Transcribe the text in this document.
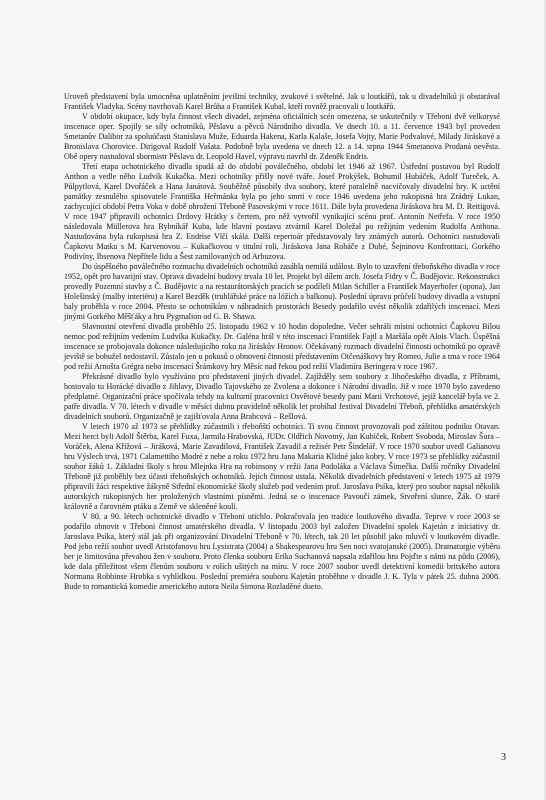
Uroveň představení byla umocněna uplatněním jevištní techniky, zvukové i světelné. Jak u loutkářů, tak u divadelníků ji obstarával František Vladyka. Scény navrhovali Karel Brůha a František Kubal, kteří rovněž pracovali u loutkářů.

V období okupace, kdy byla činnost všech divadel, zejména oficiálních scén omezena, se uskutečnily v Třeboni dvě velkorysé inscenace oper. Spojily se síly ochotníků, Pěslavu a pěvců Národního divadla. Ve dnech 10. a 11. července 1943 byl proveden Smetanův Dalibor za spoluúčasti Stanislava Muže, Eduarda Hakena, Karla Kalaše, Josefa Vojty, Marie Podvalové, Milady Jiráskové a Bronislava Chorovice. Dirigoval Rudolf Vašata. Podobně byla uvedena ve dnech 12. a 14. srpna 1944 Smetanova Prodaná nevěsta. Obě opery nastudoval sbormistr Pěslavu dr. Leopold Havel, výpravu navrhl dr. Zdeněk Endris.

Třetí etapa ochotnického divadla spadá až do období poválečného, období let 1946 až 1967. Ústřední postavou byl Rudolf Anthon a vedle něho Ludvík Kukačka. Mezi ochotníky přišly nové tváře. Josef Prokýšek, Bohumil Hubáček, Adolf Tureček, A. Půlpytlová, Karel Dvořáček a Hana Janátová. Souběžně působily dva soubory, které paralelně nacvičovaly divadelní hry. K uctění památky zesnulého spisovatele Františka Heřmánka byla po jeho smrti v roce 1946 uvedena jeho rukopisná hra Zrádný Lukan, zachycující období Petra Voka v době ohrožení Třeboně Pasovskými v roce 1611. Dále byla provedena Jiráskova hra M. D. Rettigová. V roce 1947 připravili ochotníci Drdovy Hrátky s čertem, pro něž vytvořil vynikající scénu prof. Antonín Netřefa. V roce 1950 následovala Müllerova hra Rybníkář Kuba, kde hlavní postavu ztvárnil Karel Doležal po režijním vedením Rudolfa Anthona. Nastudována byla rukopisná hra Z. Endrise Vlčí skála. Další repertoár představovaly hry známých autorů. Ochotníci nastudovali Čapkovu Matku s M. Karvenovou – Kukačkovou v titulní roli, Jiráskova Jana Roháče z Dubé, Šejninovu Konfrontaci, Gorkého Podivíny, Ibsenova Nepřítele lidu a Šest zamilovaných od Arbuzova.

Do úspěšného poválečného rozmachu divadelních ochotníků zasáhla nemilá událost. Bylo to uzavření třeboňského divadla v roce 1952, opět pro havarijní stav. Oprava divadelní budovy trvala 10 let. Projekt byl dílem arch. Josefa Fidry v Č. Budějovic. Rekonstrukci provedly Pozemní stavby z Č. Budějovic a na restaurátorských pracích se podíleli Milan Schiller a František Mayerhofer (opona), Jan Holešinský (malby interiéru) a Karel Bezděk (truhlářské práce na lóžích a balkonu). Poslední úpravu průčelí budovy divadla a vstupní haly proběhla v roce 2004. Přesto se ochotníkům v náhradních prostorách Besedy podařilo uvést několik zdařilých inscenací. Mezi jinými Gorkého Měšťáky a hru Pygmalion od G. B. Shawa.

Slavnostní otevření divadla proběhlo 25. listopadu 1962 v 10 hodin dopoledne. Večer sehráli místní ochotníci Čapkovu Bílou nemoc pod režijním vedením Ludvíka Kukačky. Dr. Galéna hrál v této inscenaci František Fajtl a Maršála opět Alois Vlach. Úspěšná inscenace se probojovala dokonce následujícího roku na Jiráskův Hronov. Očekávaný rozmach divadelní činnosti ochotníků po opravě jeviště se bohužel nedostavil. Zůstalo jen u pokusů o obnovení činnosti představením Otčenáškovy hry Romeo, Julie a tma v roce 1964 pod režií Arnošta Grégra nebo inscenací Šrámkovy hry Měsíc nad řekou pod režií Vladimíra Beringera v roce 1967.

Překrásné divadlo bylo využíváno pro představení jiných divadel. Zajížděly sem soubory z Jihočeského divadla, z Příbrami, hostovalo tu Horácké divadlo z Jihlavy, Divadlo Tajovského ze Zvolena a dokonce i Národní divadlo. Již v roce 1970 bylo zavedeno předplatné. Organizační práce spočívala tehdy na kulturní pracovnici Osvětové besedy paní Marii Vrchotové, jejíž kancelář byla ve 2. patře divadla. V 70. létech v divadle v měsíci dubnu pravidelně několik let probíhal festival Divadelní Třeboň, přehlídka amatérských divadelních souborů. Organizačně je zajišťovala Anna Brabcová – Rešlová.

V letech 1970 až 1973 se přehlídky zúčastnili i třeboňští ochotníci. Ti svou činnost provozovali pod záštitou podniku Otavan. Mezi herci byli Adolf Štěrba, Karel Fuxa, Jarmila Hrabovská, JUDr. Oldřich Novotný, Jan Kubíček, Robert Svoboda, Miroslav Šura – Voráček, Alena Křížová – Jiráková, Marie Zavadilová, František Zavadil a režisér Petr Šindelář. V roce 1970 soubor uvedl Galianovu hru Výslech trvá, 1971 Calamettiho Modré z nebe a roku 1972 hru Jana Makaria Klidné jako kobry. V roce 1973 se přehlídky zúčastnil soubor žáků 1. Základní školy s hrou Mlejnka Hra na robinsony v režii Jana Podoláka a Václava Šimečka. Další ročníky Divadelní Třeboně již proběhly bez účasti třeboňských ochotníků. Jejich činnost ustala. Několik divadelních představení v letech 1975 až 1979 připravili žáci respektive žákyně Střední ekonomické školy služeb pod vedením prof. Jaroslava Psíka, který pro soubor napsal několik autorských rukopisných her proložených vlastními písněmi. Jedná se o inscenace Pavoučí zámek, Stvoření slunce, Žák. O staré královně a čarovném ptáku a Země ve skleněné kouli.

V 80. a 90. létech ochotnické divadlo v Třeboni utichlo. Pokračovala jen tradice loutkového divadla. Teprve v roce 2003 se podařilo obnovit v Třeboni činnost amatérského divadla. V listopadu 2003 byl založen Divadelní spolek Kajetán z iniciativy dr. Jaroslava Psíka, který stál jak při organizování Divadelní Třeboně v 70. létech, tak 20 let působil jako mluvčí v loutkovém divadle. Pod jeho režií soubor uvedl Aristofanovu hru Lysistrata (2004) a Shakespearovu hru Sen noci svatojanské (2005). Dramaturgie výběru her je limitována převahou žen v souboru. Proto členka souboru Erika Suchanová napsala zdařilou hru Pojďte s námi na půdu (2006), kde dala příležitost všem členům souboru v rolích ušitých na míru. V roce 2007 soubor uvedl detektivní komedii britského autora Normana Robbinse Hrobka s vyhlídkou. Poslední premiéra souboru Kajetán proběhne v divadle J. K. Tyla v pátek 25. dubna 2008. Bude to romantická komedie amerického autora Neila Simona Rozladěné dueto.

3
